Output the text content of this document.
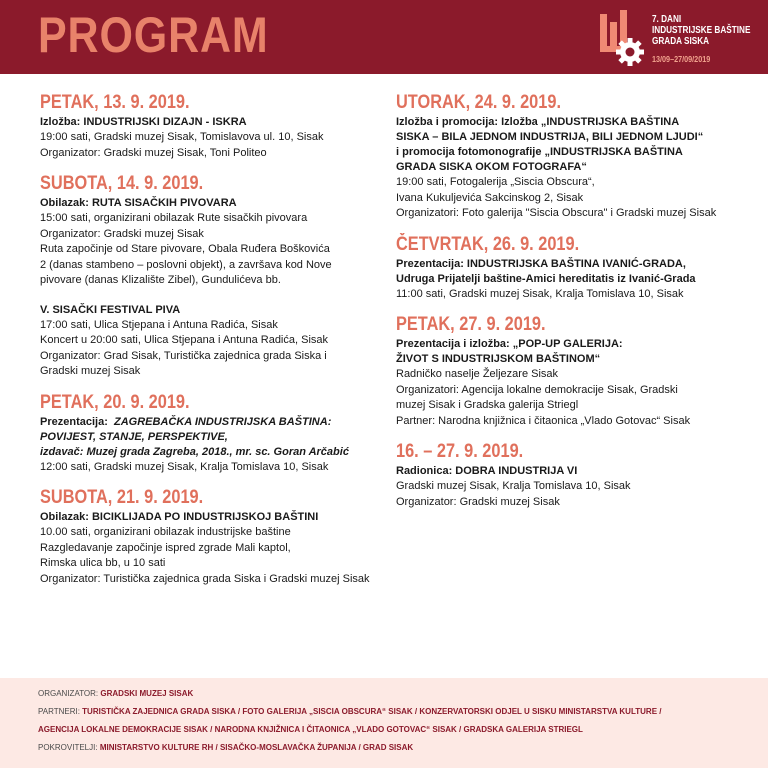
PROGRAM	7. DANI
INDUSTRIJSKE BAŠTINE
GRADA SISKA
13/09–27/09/2019
PETAK, 13. 9. 2019.
Izložba: INDUSTRIJSKI DIZAJN - ISKRA
19:00 sati, Gradski muzej Sisak, Tomislavova ul. 10, Sisak
Organizator: Gradski muzej Sisak, Toni Politeo
SUBOTA, 14. 9. 2019.
Obilazak: RUTA SISAČKIH PIVOVARA
15:00 sati, organizirani obilazak Rute sisačkih pivovara
Organizator: Gradski muzej Sisak
Ruta započinje od Stare pivovare, Obala Ruđera Boškovića
2 (danas stambeno – poslovni objekt), a završava kod Nove
pivovare (danas Klizalište Zibel), Gundulićeva bb.
V. SISAČKI FESTIVAL PIVA
17:00 sati, Ulica Stjepana i Antuna Radića, Sisak
Koncert u 20:00 sati, Ulica Stjepana i Antuna Radića, Sisak
Organizator: Grad Sisak, Turistička zajednica grada Siska i
Gradski muzej Sisak
PETAK, 20. 9. 2019.
Prezentacija: ZAGREBAČKA INDUSTRIJSKA BAŠTINA:
POVIJEST, STANJE, PERSPEKTIVE,
izdavač: Muzej grada Zagreba, 2018., mr. sc. Goran Arčabić
12:00 sati, Gradski muzej Sisak, Kralja Tomislava 10, Sisak
SUBOTA, 21. 9. 2019.
Obilazak: BICIKLIJADA PO INDUSTRIJSKOJ BAŠTINI
10.00 sati, organizirani obilazak industrijske baštine
Razgledavanje započinje ispred zgrade Mali kaptol,
Rimska ulica bb, u 10 sati
Organizator: Turistička zajednica grada Siska i Gradski muzej Sisak
UTORAK, 24. 9. 2019.
Izložba i promocija: Izložba „INDUSTRIJSKA BAŠTINA
SISKA – BILA JEDNOM INDUSTRIJA, BILI JEDNOM LJUDI“
i promocija fotomonografije „INDUSTRIJSKA BAŠTINA
GRADA SISKA OKOM FOTOGRAFA“
19:00 sati, Fotogalerija „Siscia Obscura“,
Ivana Kukuljevića Sakcinskog 2, Sisak
Organizatori: Foto galerija "Siscia Obscura" i Gradski muzej Sisak
ČETVRTAK, 26. 9. 2019.
Prezentacija: INDUSTRIJSKA BAŠTINA IVANIĆ-GRADA,
Udruga Prijatelji baštine-Amici hereditatis iz Ivanić-Grada
11:00 sati, Gradski muzej Sisak, Kralja Tomislava 10, Sisak
PETAK, 27. 9. 2019.
Prezentacija i izložba: „POP-UP GALERIJA:
ŽIVOT S INDUSTRIJSKOM BAŠTINOM“
Radničko naselje Željezare Sisak
Organizatori: Agencija lokalne demokracije Sisak, Gradski
muzej Sisak i Gradska galerija Striegl
Partner: Narodna knjižnica i čitaonica „Vlado Gotovac“ Sisak
16. – 27. 9. 2019.
Radionica: DOBRA INDUSTRIJA VI
Gradski muzej Sisak, Kralja Tomislava 10, Sisak
Organizator: Gradski muzej Sisak
ORGANIZATOR: GRADSKI MUZEJ SISAK
PARTNERI: TURISTIČKA ZAJEDNICA GRADA SISKA / FOTO GALERIJA „SISCIA OBSCURA“ SISAK / KONZERVATORSKI ODJEL U SISKU MINISTARSTVA KULTURE /
AGENCIJA LOKALNE DEMOKRACIJE SISAK / NARODNA KNJIŽNICA I ČITAONICA „VLADO GOTOVAC“ SISAK / GRADSKA GALERIJA STRIEGL
POKROVITELJI: MINISTARSTVO KULTURE RH / SISAČKO-MOSLAVAČKA ŽUPANIJA / GRAD SISAK
